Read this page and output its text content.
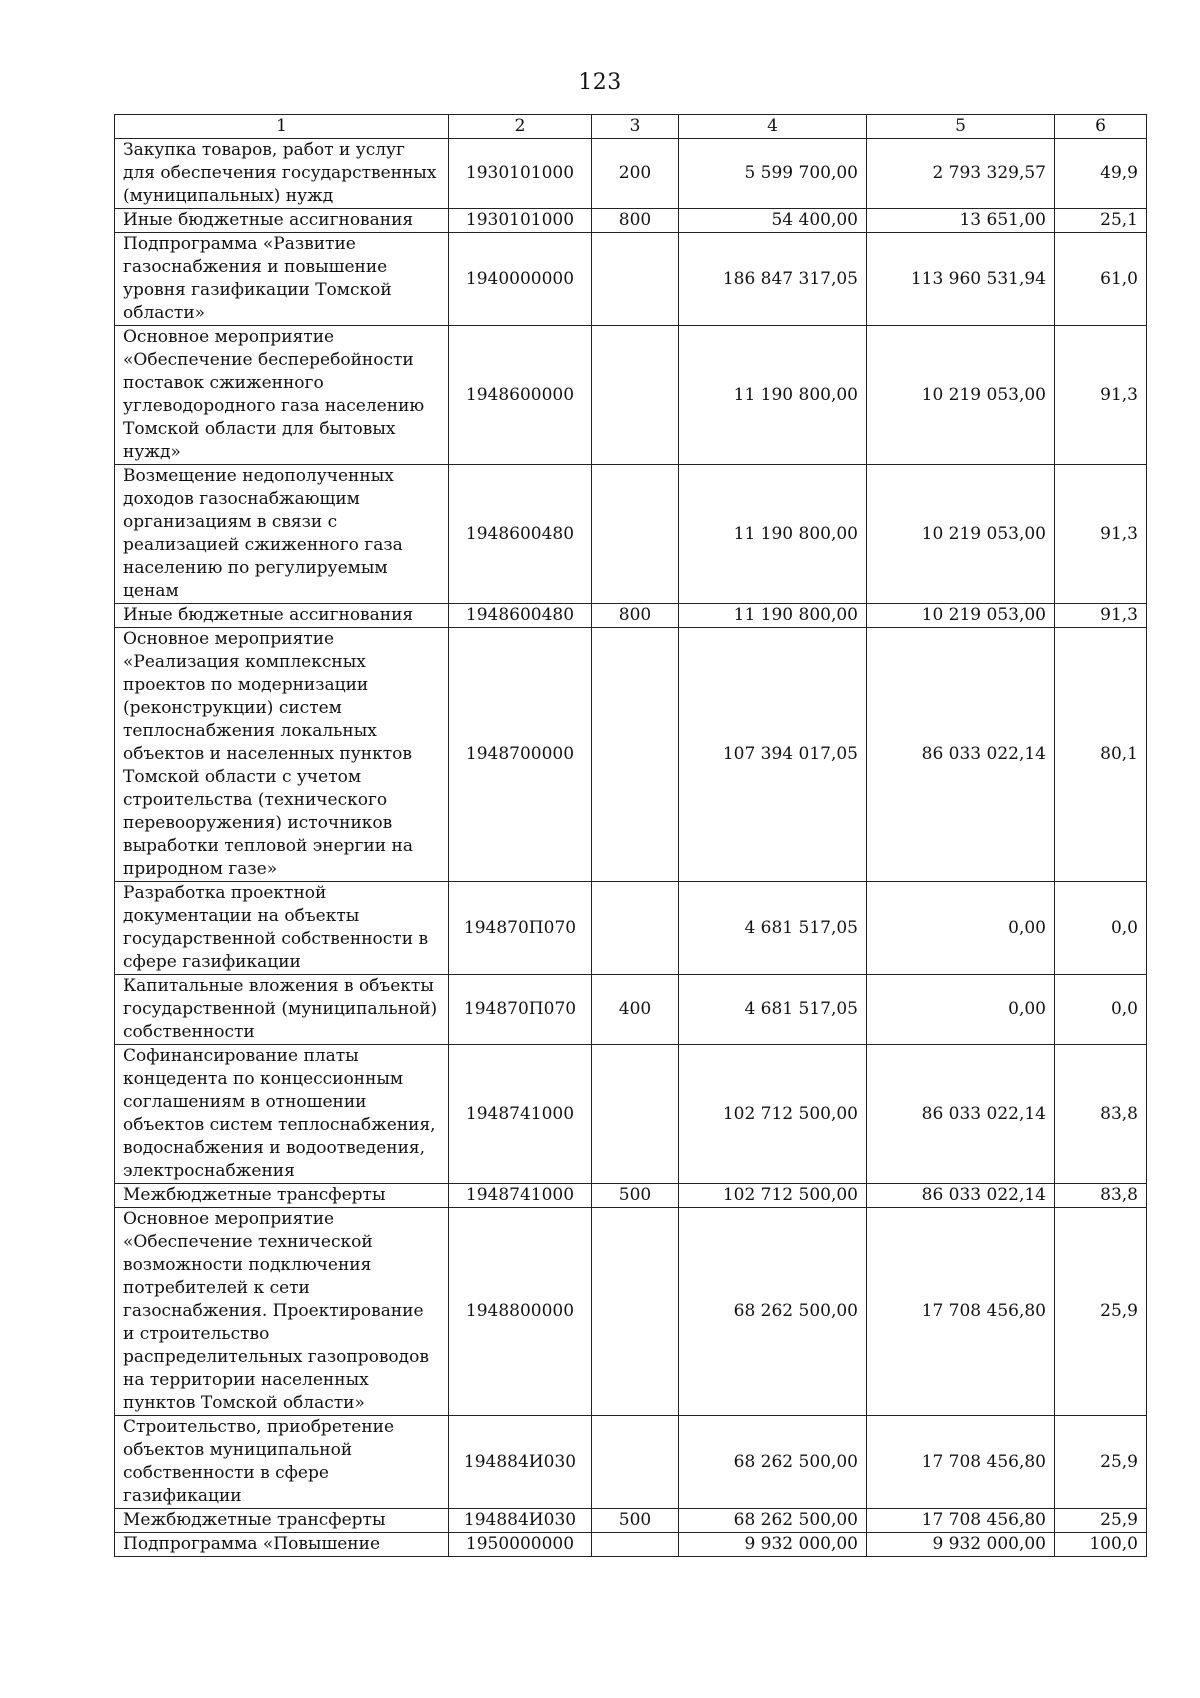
123
1	2	3	4	5	6
Закупка товаров, работ и услуг для обеспечения государственных (муниципальных) нужд	1930101000	200	5 599 700,00	2 793 329,57	49,9
Иные бюджетные ассигнования	1930101000	800	54 400,00	13 651,00	25,1
Подпрограмма «Развитие газоснабжения и повышение уровня газификации Томской области»	1940000000		186 847 317,05	113 960 531,94	61,0
Основное мероприятие «Обеспечение бесперебойности поставок сжиженного углеводородного газа населению Томской области для бытовых нужд»	1948600000		11 190 800,00	10 219 053,00	91,3
Возмещение недополученных доходов газоснабжающим организациям в связи с реализацией сжиженного газа населению по регулируемым ценам	1948600480		11 190 800,00	10 219 053,00	91,3
Иные бюджетные ассигнования	1948600480	800	11 190 800,00	10 219 053,00	91,3
Основное мероприятие «Реализация комплексных проектов по модернизации (реконструкции) систем теплоснабжения локальных объектов и населенных пунктов Томской области с учетом строительства (технического перевооружения) источников выработки тепловой энергии на природном газе»	1948700000		107 394 017,05	86 033 022,14	80,1
Разработка проектной документации на объекты государственной собственности в сфере газификации	194870П070		4 681 517,05	0,00	0,0
Капитальные вложения в объекты государственной (муниципальной) собственности	194870П070	400	4 681 517,05	0,00	0,0
Софинансирование платы концедента по концессионным соглашениям в отношении объектов систем теплоснабжения, водоснабжения и водоотведения, электроснабжения	1948741000		102 712 500,00	86 033 022,14	83,8
Межбюджетные трансферты	1948741000	500	102 712 500,00	86 033 022,14	83,8
Основное мероприятие «Обеспечение технической возможности подключения потребителей к сети газоснабжения. Проектирование и строительство распределительных газопроводов на территории населенных пунктов Томской области»	1948800000		68 262 500,00	17 708 456,80	25,9
Строительство, приобретение объектов муниципальной собственности в сфере газификации	194884И030		68 262 500,00	17 708 456,80	25,9
Межбюджетные трансферты	194884И030	500	68 262 500,00	17 708 456,80	25,9
Подпрограмма «Повышение	1950000000		9 932 000,00	9 932 000,00	100,0
